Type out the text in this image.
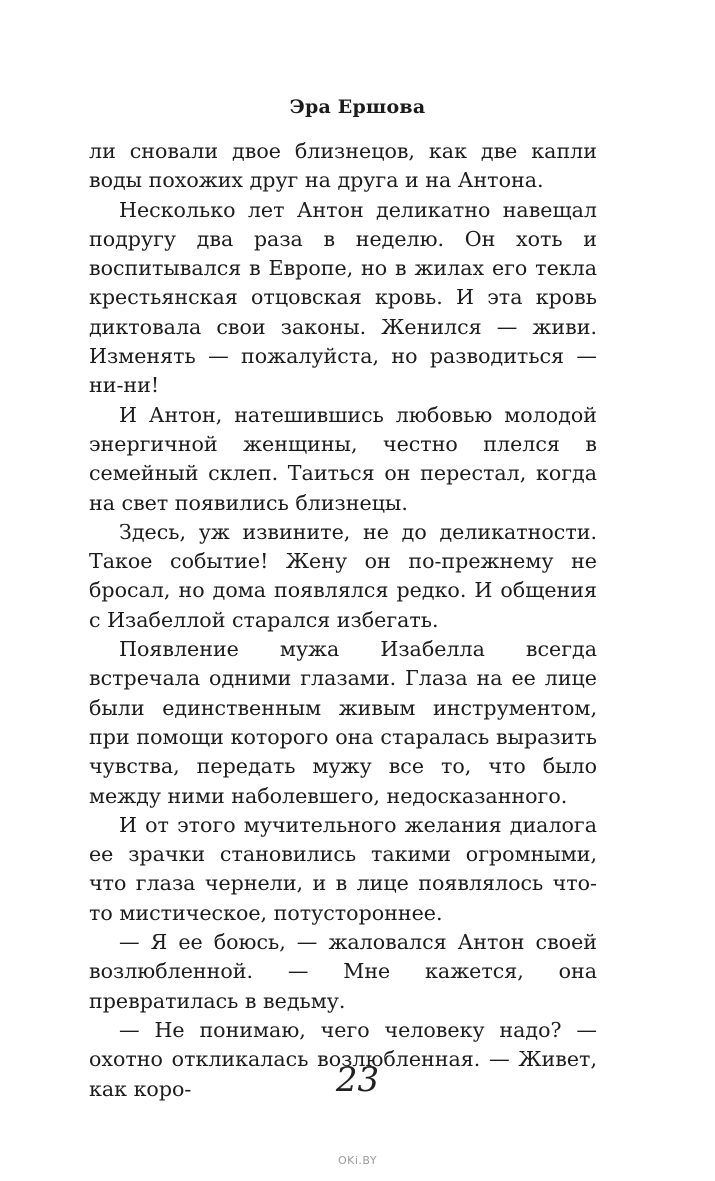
Эра Ершова

ли сновали двое близнецов, как две капли воды похожих друг на друга и на Антона.

Несколько лет Антон деликатно навещал подругу два раза в неделю. Он хоть и воспитывался в Европе, но в жилах его текла крестьянская отцовская кровь. И эта кровь диктовала свои законы. Женился — живи. Изменять — пожалуйста, но разводиться — ни-ни!

И Антон, натешившись любовью молодой энергичной женщины, честно плелся в семейный склеп. Таиться он перестал, когда на свет появились близнецы.

Здесь, уж извините, не до деликатности. Такое событие! Жену он по-прежнему не бросал, но дома появлялся редко. И общения с Изабеллой старался избегать.

Появление мужа Изабелла всегда встречала одними глазами. Глаза на ее лице были единственным живым инструментом, при помощи которого она старалась выразить чувства, передать мужу все то, что было между ними наболевшего, недосказанного.

И от этого мучительного желания диалога ее зрачки становились такими огромными, что глаза чернели, и в лице появлялось что-то мистическое, потустороннее.

— Я ее боюсь, — жаловался Антон своей возлюбленной. — Мне кажется, она превратилась в ведьму.

— Не понимаю, чего человеку надо? — охотно откликалась возлюбленная. — Живет, как коро-	23
OKi.BY
